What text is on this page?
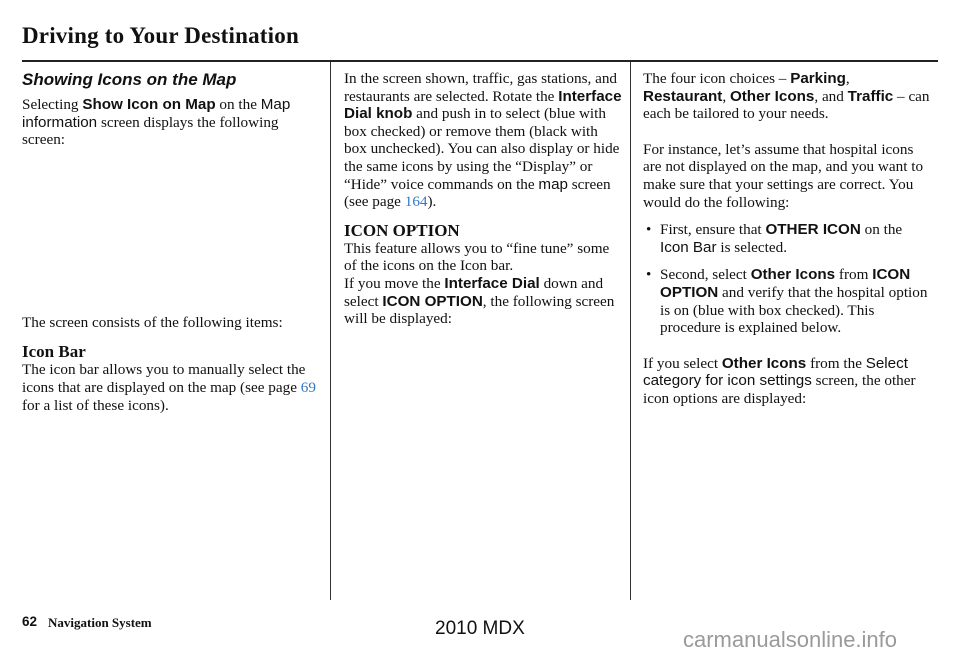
Driving to Your Destination
Showing Icons on the Map

Selecting Show Icon on Map on the Map information screen displays the following screen:

The screen consists of the following items:

Icon Bar

The icon bar allows you to manually select the icons that are displayed on the map (see page 69 for a list of these icons).

In the screen shown, traffic, gas stations, and restaurants are selected. Rotate the Interface Dial knob and push in to select (blue with box checked) or remove them (black with box unchecked). You can also display or hide the same icons by using the “Display” or “Hide” voice commands on the map screen (see page 164).

ICON OPTION

This feature allows you to “fine tune” some of the icons on the Icon bar.

If you move the Interface Dial down and select ICON OPTION, the following screen will be displayed:

The four icon choices – Parking, Restaurant, Other Icons, and Traffic – can each be tailored to your needs.

For instance, let’s assume that hospital icons are not displayed on the map, and you want to make sure that your settings are correct. You would do the following:

• First, ensure that OTHER ICON on the Icon Bar is selected.
• Second, select Other Icons from ICON OPTION and verify that the hospital option is on (blue with box checked). This procedure is explained below.

If you select Other Icons from the Select category for icon settings screen, the other icon options are displayed:

62 Navigation System	2010 MDX	carmanualsonline.info
